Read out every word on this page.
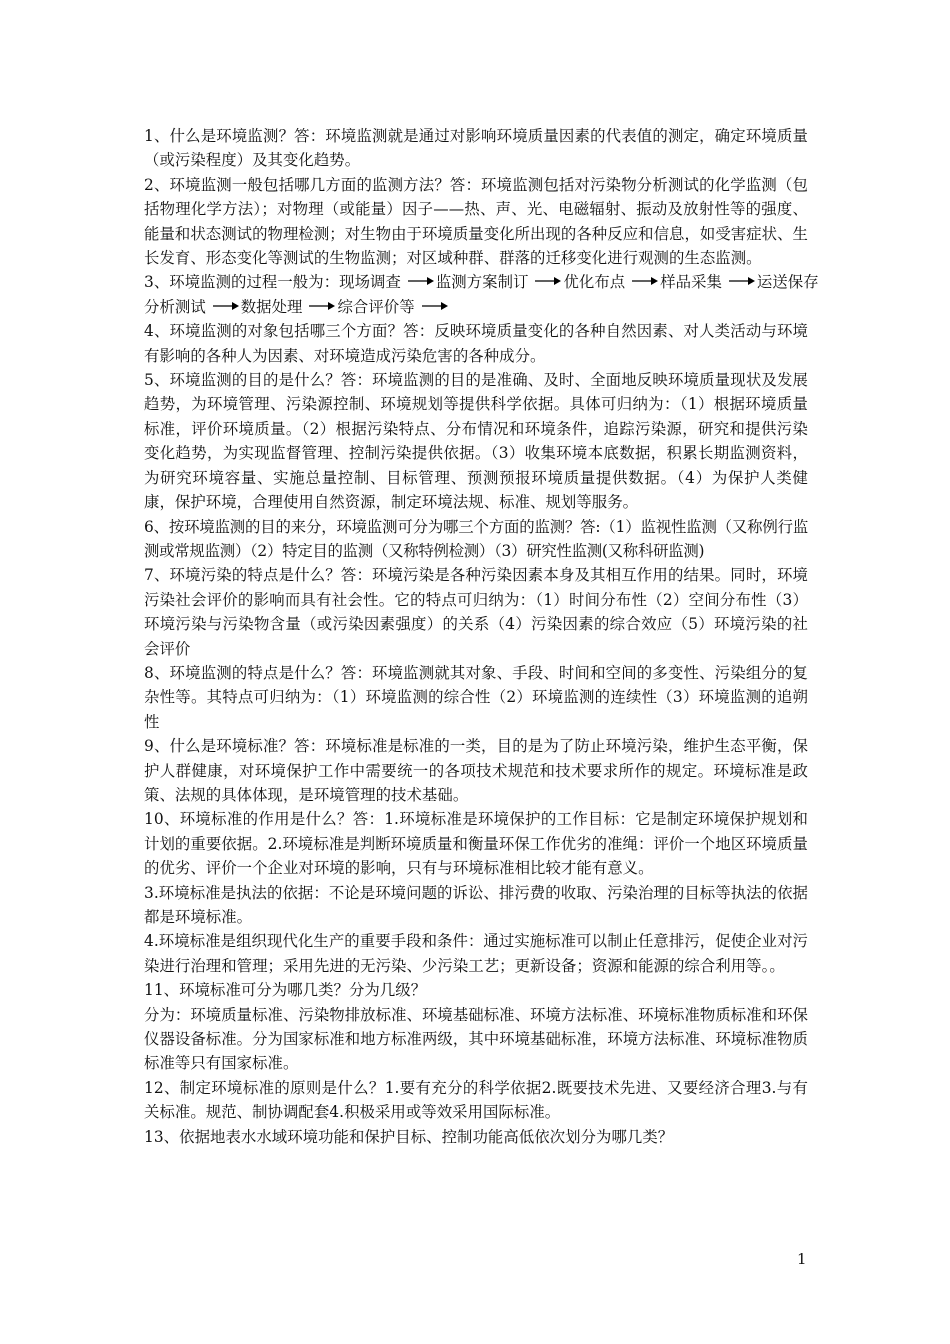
1、什么是环境监测？答：环境监测就是通过对影响环境质量因素的代表值的测定，确定环境质量（或污染程度）及其变化趋势。

2、环境监测一般包括哪几方面的监测方法？答：环境监测包括对污染物分析测试的化学监测（包括物理化学方法）；对物理（或能量）因子——热、声、光、电磁辐射、振动及放射性等的强度、能量和状态测试的物理检测；对生物由于环境质量变化所出现的各种反应和信息，如受害症状、生长发育、形态变化等测试的生物监测；对区域种群、群落的迁移变化进行观测的生态监测。

3、环境监测的过程一般为：现场调查 监测方案制订 优化布点 样品采集 运送保存
分析测试 数据处理 综合评价等

4、环境监测的对象包括哪三个方面？答：反映环境质量变化的各种自然因素、对人类活动与环境有影响的各种人为因素、对环境造成污染危害的各种成分。

5、环境监测的目的是什么？答：环境监测的目的是准确、及时、全面地反映环境质量现状及发展趋势，为环境管理、污染源控制、环境规划等提供科学依据。具体可归纳为：（1）根据环境质量标准，评价环境质量。（2）根据污染特点、分布情况和环境条件，追踪污染源，研究和提供污染变化趋势，为实现监督管理、控制污染提供依据。（3）收集环境本底数据，积累长期监测资料，为研究环境容量、实施总量控制、目标管理、预测预报环境质量提供数据。（4）为保护人类健康，保护环境，合理使用自然资源，制定环境法规、标准、规划等服务。

6、按环境监测的目的来分，环境监测可分为哪三个方面的监测？答:（1）监视性监测（又称例行监测或常规监测）（2）特定目的监测（又称特例检测）（3）研究性监测(又称科研监测)

7、环境污染的特点是什么？答：环境污染是各种污染因素本身及其相互作用的结果。同时，环境污染社会评价的影响而具有社会性。它的特点可归纳为：（1）时间分布性（2）空间分布性（3）环境污染与污染物含量（或污染因素强度）的关系（4）污染因素的综合效应（5）环境污染的社会评价

8、环境监测的特点是什么？答：环境监测就其对象、手段、时间和空间的多变性、污染组分的复杂性等。其特点可归纳为：（1）环境监测的综合性（2）环境监测的连续性（3）环境监测的追朔性

9、什么是环境标准？答：环境标准是标准的一类，目的是为了防止环境污染，维护生态平衡，保护人群健康，对环境保护工作中需要统一的各项技术规范和技术要求所作的规定。环境标准是政策、法规的具体体现，是环境管理的技术基础。

10、环境标准的作用是什么？答：1.环境标准是环境保护的工作目标：它是制定环境保护规划和计划的重要依据。2.环境标准是判断环境质量和衡量环保工作优劣的准绳：评价一个地区环境质量的优劣、评价一个企业对环境的影响，只有与环境标准相比较才能有意义。

3.环境标准是执法的依据：不论是环境问题的诉讼、排污费的收取、污染治理的目标等执法的依据都是环境标准。

4.环境标准是组织现代化生产的重要手段和条件：通过实施标准可以制止任意排污，促使企业对污染进行治理和管理；采用先进的无污染、少污染工艺；更新设备；资源和能源的综合利用等。。

11、环境标准可分为哪几类？分为几级？

分为：环境质量标准、污染物排放标准、环境基础标准、环境方法标准、环境标准物质标准和环保仪器设备标准。分为国家标准和地方标准两级，其中环境基础标准，环境方法标准、环境标准物质标准等只有国家标准。

12、制定环境标准的原则是什么？1.要有充分的科学依据2.既要技术先进、又要经济合理3.与有关标准。规范、制协调配套4.积极采用或等效采用国际标准。

13、依据地表水水域环境功能和保护目标、控制功能高低依次划分为哪几类？

1
